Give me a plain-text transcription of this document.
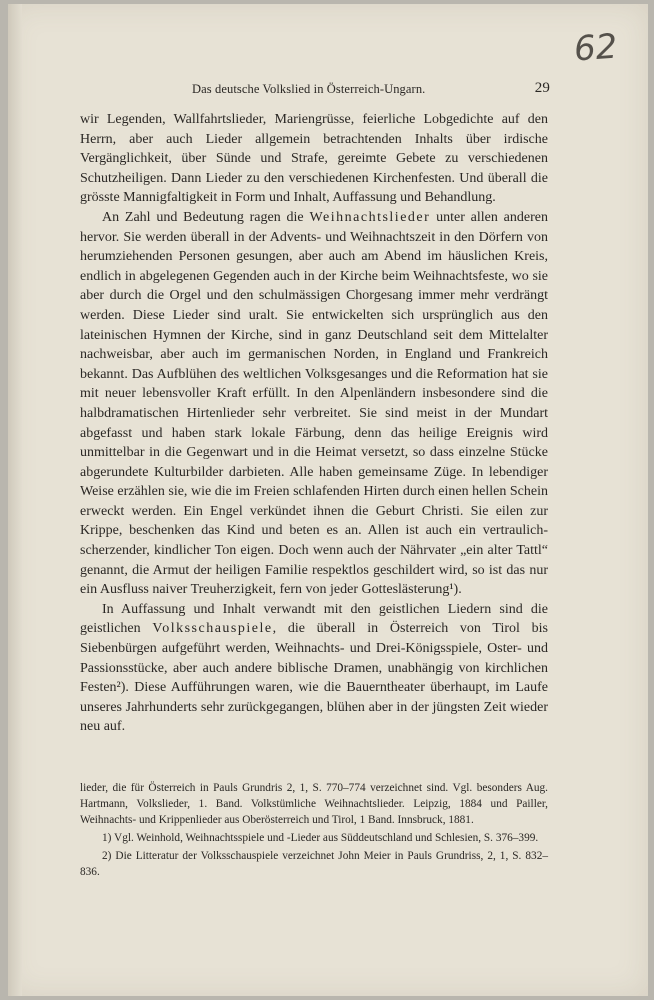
62
Das deutsche Volkslied in Österreich-Ungarn.	29

wir Legenden, Wallfahrtslieder, Mariengrüsse, feierliche Lobgedichte auf den Herrn, aber auch Lieder allgemein betrachtenden Inhalts über irdische Vergänglichkeit, über Sünde und Strafe, gereimte Gebete zu verschiedenen Schutzheiligen. Dann Lieder zu den verschiedenen Kirchenfesten. Und überall die grösste Mannigfaltigkeit in Form und Inhalt, Auffassung und Behandlung.

An Zahl und Bedeutung ragen die Weihnachtslieder unter allen anderen hervor. Sie werden überall in der Advents- und Weihnachtszeit in den Dörfern von herumziehenden Personen gesungen, aber auch am Abend im häuslichen Kreis, endlich in abgelegenen Gegenden auch in der Kirche beim Weihnachtsfeste, wo sie aber durch die Orgel und den schulmässigen Chorgesang immer mehr verdrängt werden. Diese Lieder sind uralt. Sie entwickelten sich ursprünglich aus den lateinischen Hymnen der Kirche, sind in ganz Deutschland seit dem Mittelalter nachweisbar, aber auch im germanischen Norden, in England und Frankreich bekannt. Das Aufblühen des weltlichen Volksgesanges und die Reformation hat sie mit neuer lebensvoller Kraft erfüllt. In den Alpenländern insbesondere sind die halbdramatischen Hirtenlieder sehr verbreitet. Sie sind meist in der Mundart abgefasst und haben stark lokale Färbung, denn das heilige Ereignis wird unmittelbar in die Gegenwart und in die Heimat versetzt, so dass einzelne Stücke abgerundete Kulturbilder darbieten. Alle haben gemeinsame Züge. In lebendiger Weise erzählen sie, wie die im Freien schlafenden Hirten durch einen hellen Schein erweckt werden. Ein Engel verkündet ihnen die Geburt Christi. Sie eilen zur Krippe, beschenken das Kind und beten es an. Allen ist auch ein vertraulich-scherzender, kindlicher Ton eigen. Doch wenn auch der Nährvater „ein alter Tattl“ genannt, die Armut der heiligen Familie respektlos geschildert wird, so ist das nur ein Ausfluss naiver Treuherzigkeit, fern von jeder Gotteslästerung¹).

In Auffassung und Inhalt verwandt mit den geistlichen Liedern sind die geistlichen Volksschauspiele, die überall in Österreich von Tirol bis Siebenbürgen aufgeführt werden, Weihnachts- und Drei-Königsspiele, Oster- und Passionsstücke, aber auch andere biblische Dramen, unabhängig von kirchlichen Festen²). Diese Aufführungen waren, wie die Bauerntheater überhaupt, im Laufe unseres Jahrhunderts sehr zurückgegangen, blühen aber in der jüngsten Zeit wieder neu auf.

lieder, die für Österreich in Pauls Grundris 2, 1, S. 770–774 verzeichnet sind. Vgl. besonders Aug. Hartmann, Volkslieder, 1. Band. Volkstümliche Weihnachtslieder. Leipzig, 1884 und Pailler, Weihnachts- und Krippenlieder aus Oberösterreich und Tirol, 1 Band. Innsbruck, 1881.

1) Vgl. Weinhold, Weihnachtsspiele und -Lieder aus Süddeutschland und Schlesien, S. 376–399.

2) Die Litteratur der Volksschauspiele verzeichnet John Meier in Pauls Grundriss, 2, 1, S. 832–836.
